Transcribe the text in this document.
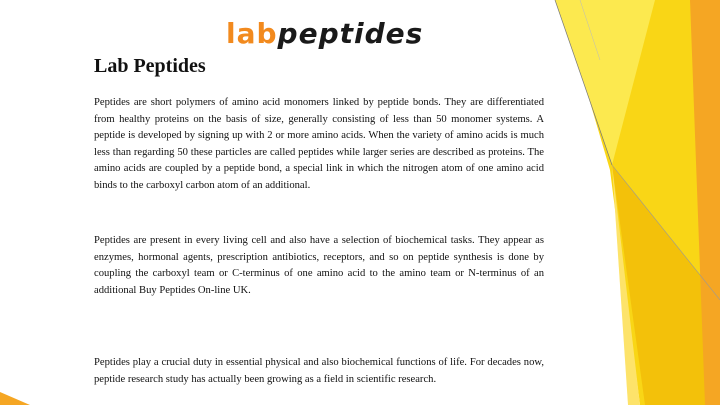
labpeptides
Lab Peptides

Peptides are short polymers of amino acid monomers linked by peptide bonds. They are differentiated from healthy proteins on the basis of size, generally consisting of less than 50 monomer systems. A peptide is developed by signing up with 2 or more amino acids. When the variety of amino acids is much less than regarding 50 these particles are called peptides while larger series are described as proteins. The amino acids are coupled by a peptide bond, a special link in which the nitrogen atom of one amino acid binds to the carboxyl carbon atom of an additional.

Peptides are present in every living cell and also have a selection of biochemical tasks. They appear as enzymes, hormonal agents, prescription antibiotics, receptors, and so on peptide synthesis is done by coupling the carboxyl team or C-terminus of one amino acid to the amino team or N-terminus of an additional Buy Peptides On-line UK.

Peptides play a crucial duty in essential physical and also biochemical functions of life. For decades now, peptide research study has actually been growing as a field in scientific research.
